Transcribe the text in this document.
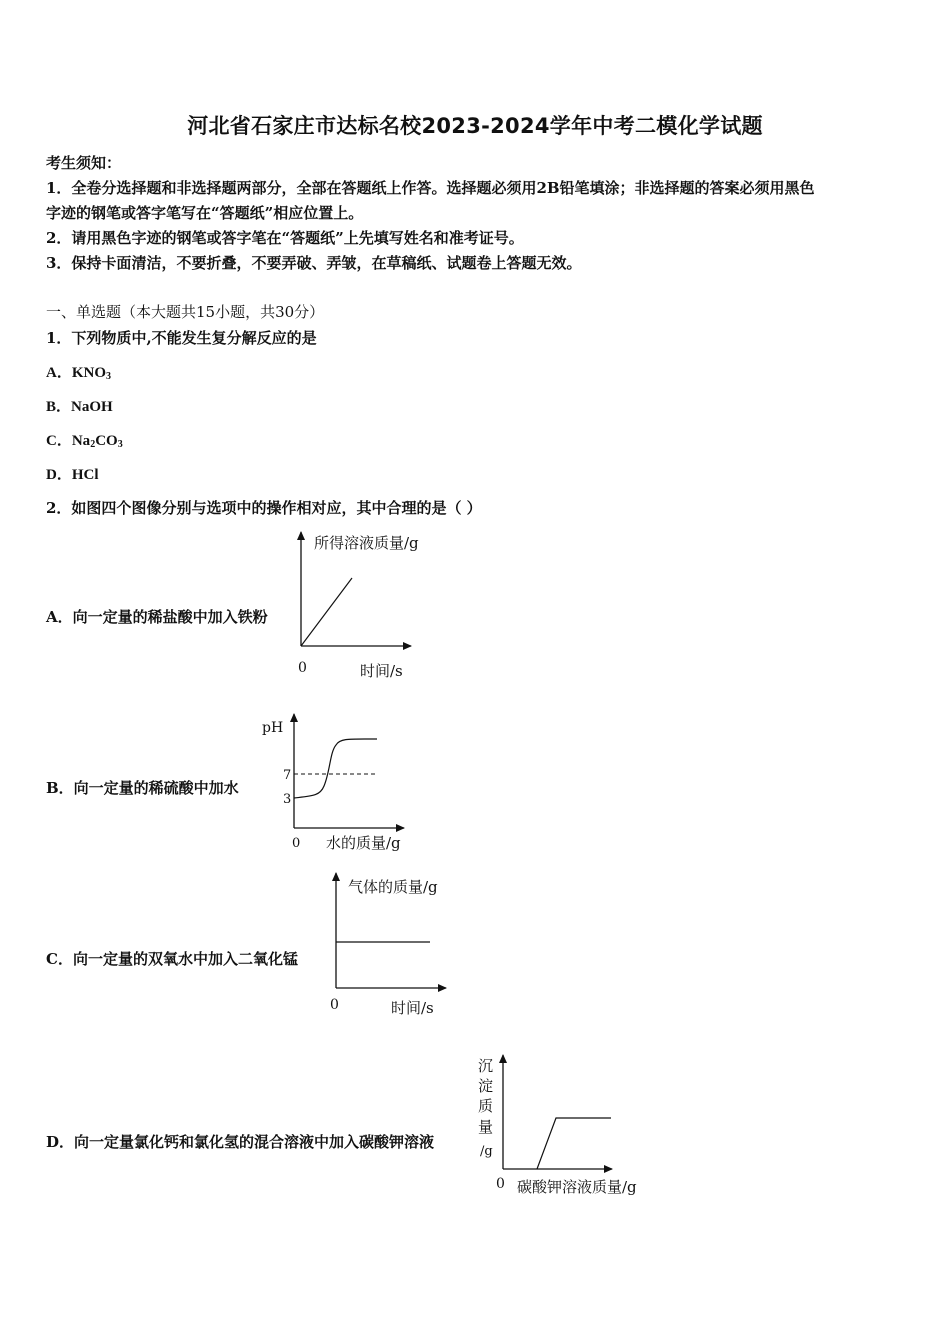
河北省石家庄市达标名校2023-2024学年中考二模化学试题
考生须知：
1．全卷分选择题和非选择题两部分，全部在答题纸上作答。选择题必须用2B铅笔填涂；非选择题的答案必须用黑色
字迹的钢笔或答字笔写在“答题纸”相应位置上。
2．请用黑色字迹的钢笔或答字笔在“答题纸”上先填写姓名和准考证号。
3．保持卡面清洁，不要折叠，不要弄破、弄皱，在草稿纸、试题卷上答题无效。
一、单选题（本大题共15小题，共30分）
1．下列物质中,不能发生复分解反应的是
A．$KNO_3$
B．NaOH
C．$Na_2CO_3$
D．HCl
2．如图四个图像分别与选项中的操作相对应，其中合理的是（ ）
A．向一定量的稀盐酸中加入铁粉
所得溶液质量/g
时间/s
0
pH
7
3
水的质量/g
0
气体的质量/g
时间/s
0
沉
淀
质
量
/g
碳酸钾溶液质量/g
0
B．向一定量的稀硫酸中加水
C．向一定量的双氧水中加入二氧化锰
D．向一定量氯化钙和氯化氢的混合溶液中加入碳酸钾溶液
